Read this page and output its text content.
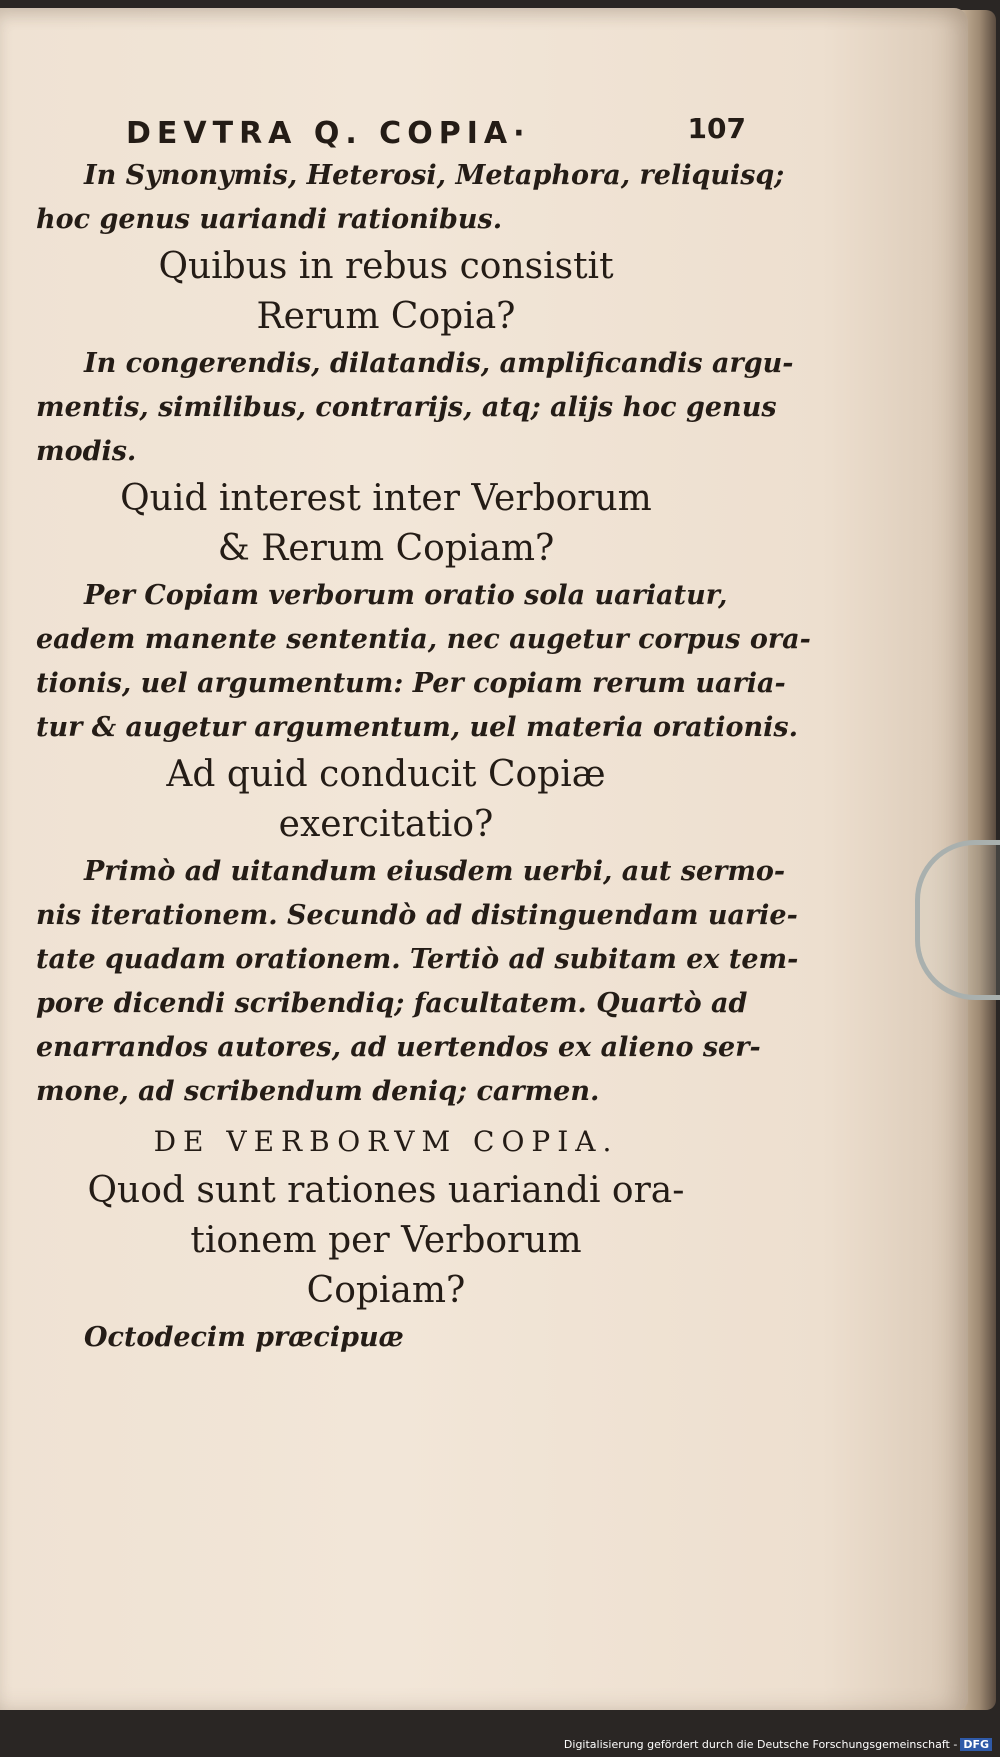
DEVTRA Q. COPIA·	107
In Synonymis, Heterosi, Metaphora, reliquisq;
hoc genus uariandi rationibus.
Quibus in rebus consistit
Rerum Copia?
In congerendis, dilatandis, amplificandis argu-
mentis, similibus, contrarijs, atq; alijs hoc genus
modis.
Quid interest inter Verborum
& Rerum Copiam?
Per Copiam verborum oratio sola uariatur,
eadem manente sententia, nec augetur corpus ora-
tionis, uel argumentum: Per copiam rerum uaria-
tur & augetur argumentum, uel materia orationis.
Ad quid conducit Copiæ
exercitatio?
Primò ad uitandum eiusdem uerbi, aut sermo-
nis iterationem. Secundò ad distinguendam uarie-
tate quadam orationem. Tertiò ad subitam ex tem-
pore dicendi scribendiq; facultatem. Quartò ad
enarrandos autores, ad uertendos ex alieno ser-
mone, ad scribendum deniq; carmen.
DE VERBORVM COPIA.
Quod sunt rationes uariandi ora-
tionem per Verborum
Copiam?
Octodecim præcipuæ
Digitalisierung gefördert durch die Deutsche Forschungsgemeinschaft - DFG
